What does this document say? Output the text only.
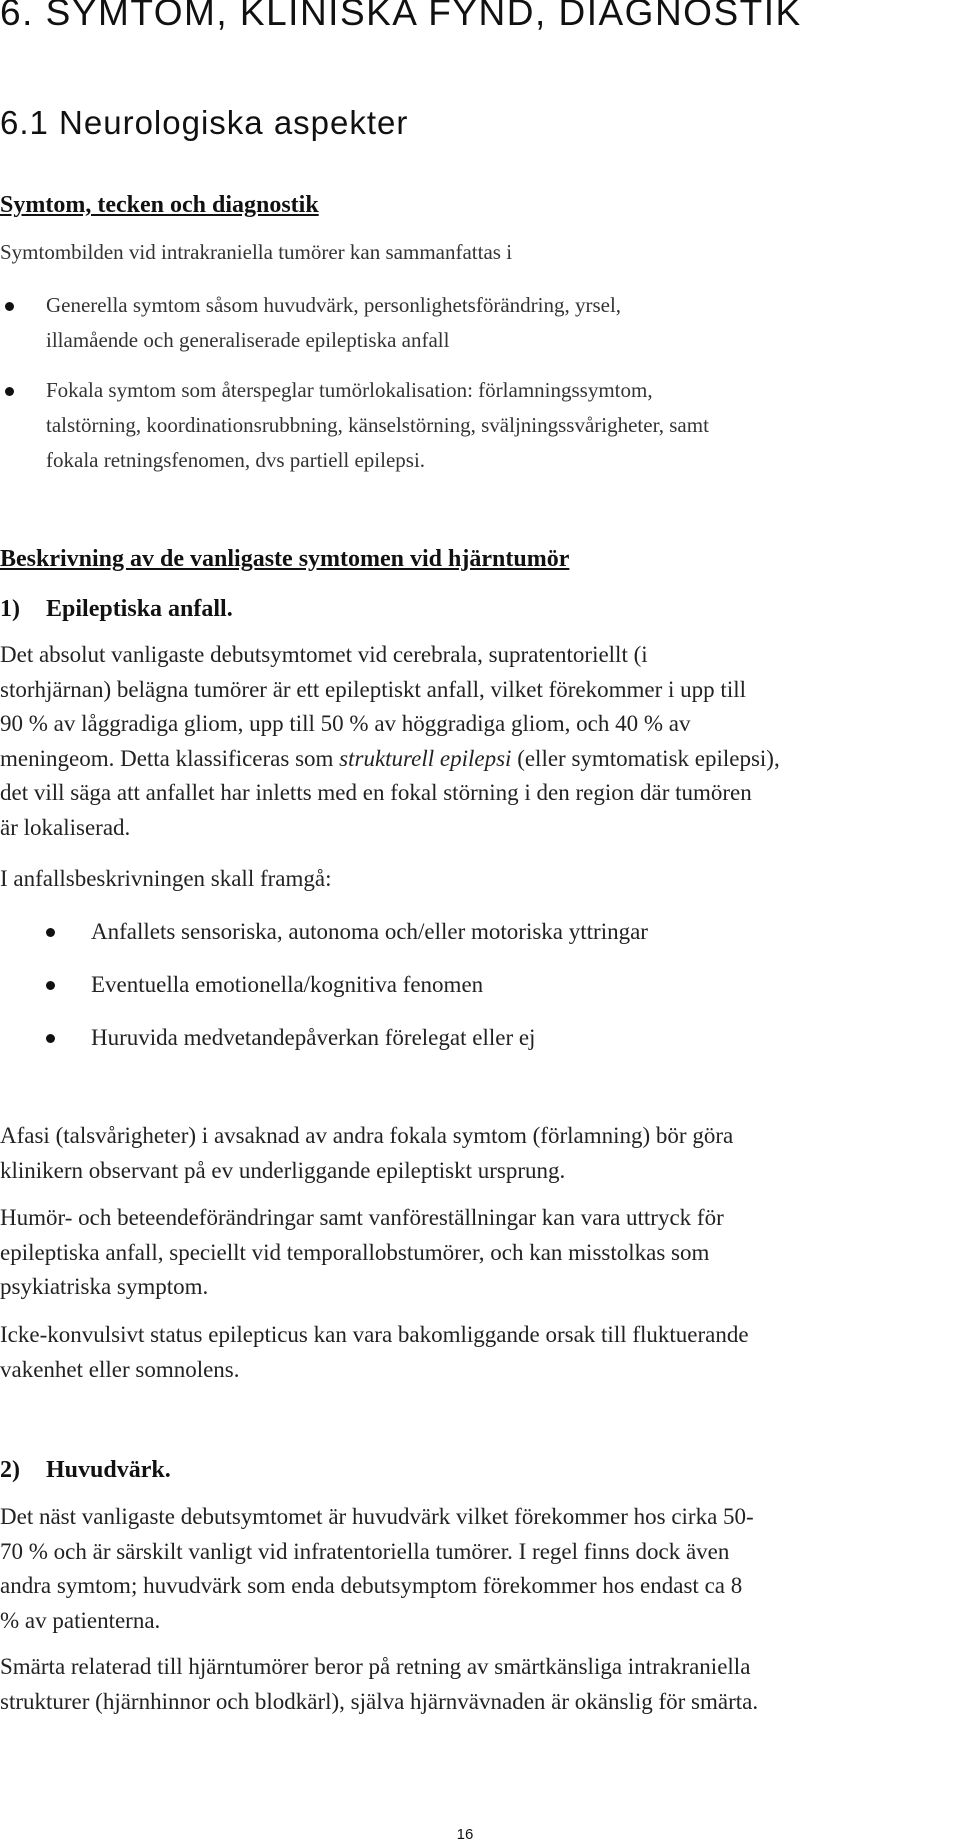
6. SYMTOM, KLINISKA FYND, DIAGNOSTIK
6.1 Neurologiska aspekter

Symtom, tecken och diagnostik

Symtombilden vid intrakraniella tumörer kan sammanfattas i

Generella symtom såsom huvudvärk, personlighetsförändring, yrsel,
illamående och generaliserade epileptiska anfall
Fokala symtom som återspeglar tumörlokalisation: förlamningssymtom,
talstörning, koordinationsrubbning, känselstörning, sväljningssvårigheter, samt
fokala retningsfenomen, dvs partiell epilepsi.

Beskrivning av de vanligaste symtomen vid hjärntumör

1)	Epileptiska anfall.

Det absolut vanligaste debutsymtomet vid cerebrala, supratentoriellt (i
storhjärnan) belägna tumörer är ett epileptiskt anfall, vilket förekommer i upp till
90 % av låggradiga gliom, upp till 50 % av höggradiga gliom, och 40 % av
meningeom. Detta klassificeras som strukturell epilepsi (eller symtomatisk epilepsi),
det vill säga att anfallet har inletts med en fokal störning i den region där tumören
är lokaliserad.

I anfallsbeskrivningen skall framgå:

Anfallets sensoriska, autonoma och/eller motoriska yttringar
Eventuella emotionella/kognitiva fenomen
Huruvida medvetandepåverkan förelegat eller ej

Afasi (talsvårigheter) i avsaknad av andra fokala symtom (förlamning) bör göra
klinikern observant på ev underliggande epileptiskt ursprung.

Humör- och beteendeförändringar samt vanföreställningar kan vara uttryck för
epileptiska anfall, speciellt vid temporallobstumörer, och kan misstolkas som
psykiatriska symptom.

Icke-konvulsivt status epilepticus kan vara bakomliggande orsak till fluktuerande
vakenhet eller somnolens.

2)	Huvudvärk.

Det näst vanligaste debutsymtomet är huvudvärk vilket förekommer hos cirka 50-
70 % och är särskilt vanligt vid infratentoriella tumörer. I regel finns dock även
andra symtom; huvudvärk som enda debutsymptom förekommer hos endast ca 8
% av patienterna.

Smärta relaterad till hjärntumörer beror på retning av smärtkänsliga intrakraniella
strukturer (hjärnhinnor och blodkärl), själva hjärnvävnaden är okänslig för smärta.

16
